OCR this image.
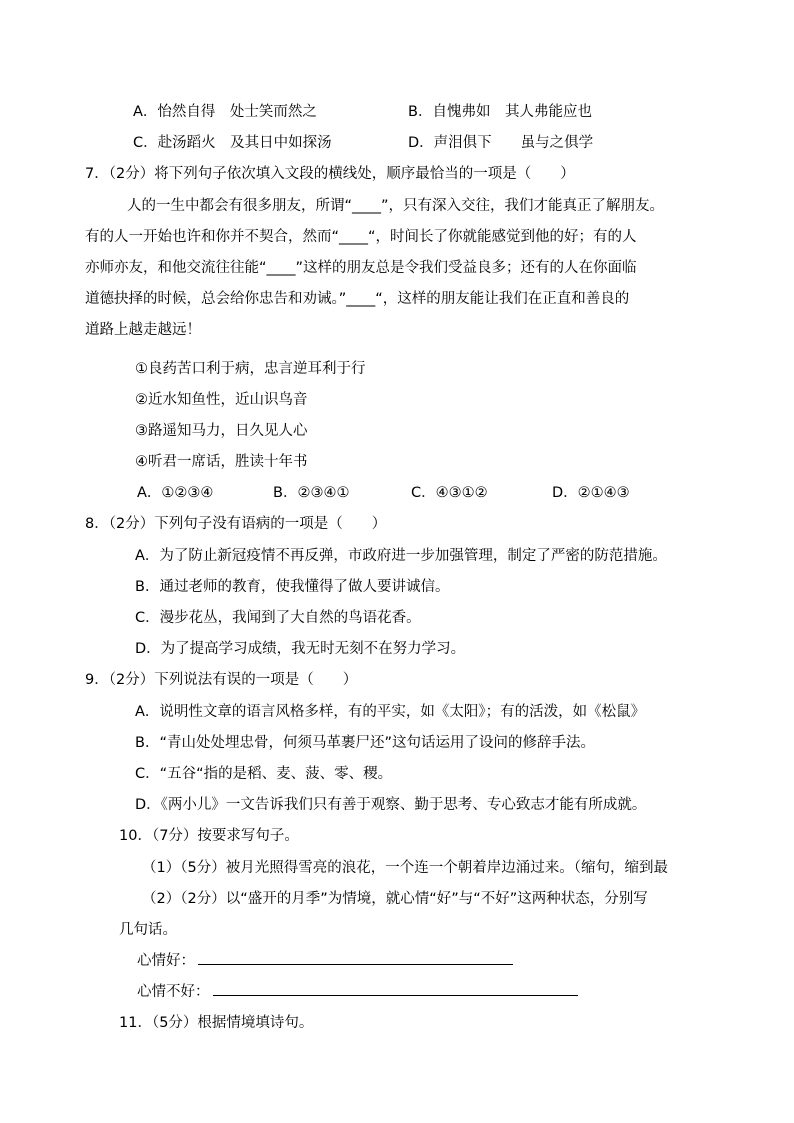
A．怡然自得　处士笑而然之	B．自愧弗如　其人弗能应也
C．赴汤蹈火　及其日中如探汤	D．声泪俱下　　虽与之俱学
7．（2分）将下列句子依次填入文段的横线处，顺序最恰当的一项是（　　）
人的一生中都会有很多朋友，所谓“____”，只有深入交往，我们才能真正了解朋友。
有的人一开始也许和你并不契合，然而“____“，时间长了你就能感觉到他的好；有的人
亦师亦友，和他交流往往能“____”这样的朋友总是令我们受益良多；还有的人在你面临
道德抉择的时候，总会给你忠告和劝诫。”____“，这样的朋友能让我们在正直和善良的
道路上越走越远！
①良药苦口利于病，忠言逆耳利于行
②近水知鱼性，近山识鸟音
③路遥知马力，日久见人心
④听君一席话，胜读十年书
A．①②③④	B．②③④①	C．④③①②	D．②①④③
8．（2分）下列句子没有语病的一项是（　　）
A．为了防止新冠疫情不再反弹，市政府进一步加强管理，制定了严密的防范措施。
B．通过老师的教育，使我懂得了做人要讲诚信。
C．漫步花丛，我闻到了大自然的鸟语花香。
D．为了提高学习成绩，我无时无刻不在努力学习。
9．（2分）下列说法有误的一项是（　　）
A．说明性文章的语言风格多样，有的平实，如《太阳》；有的活泼，如《松鼠》
B．“青山处处埋忠骨，何须马革裹尸还”这句话运用了设问的修辞手法。
C．“五谷“指的是稻、麦、菠、零、稷。
D．《两小儿》一文告诉我们只有善于观察、勤于思考、专心致志才能有所成就。
10．（7分）按要求写句子。
（1）（5分）被月光照得雪亮的浪花，一个连一个朝着岸边涌过来。（缩句，缩到最
（2）（2分）以“盛开的月季”为情境，就心情“好”与“不好”这两种状态，分别写
几句话。
心情好：
心情不好：
11．（5分）根据情境填诗句。
